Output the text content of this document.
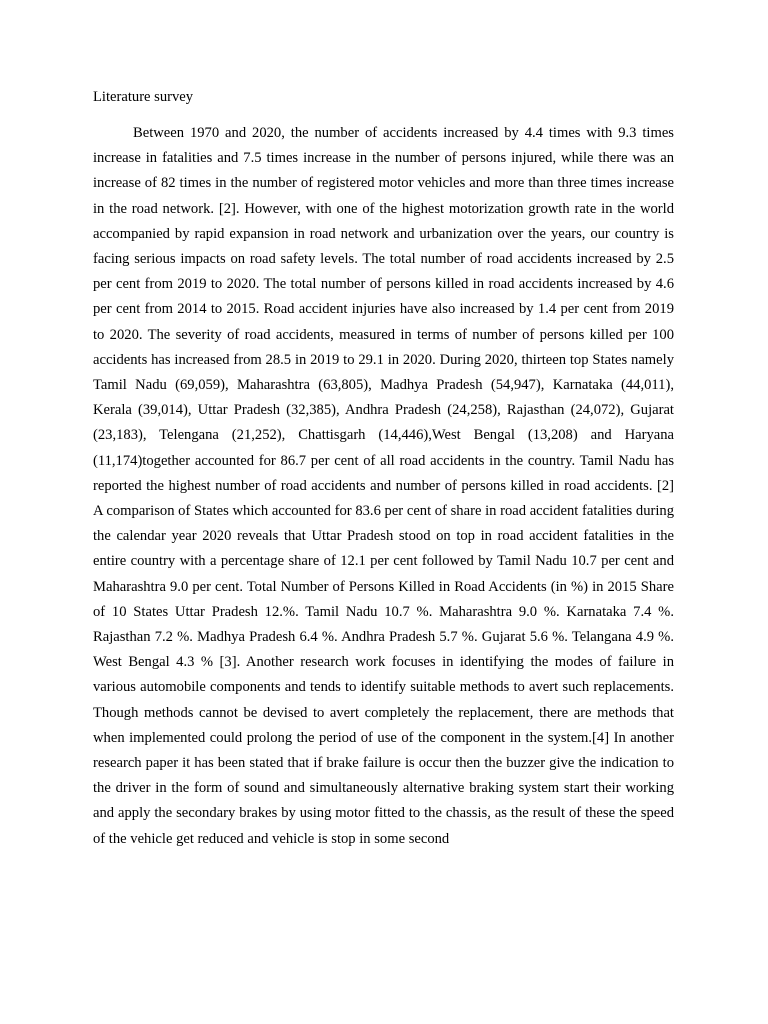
Literature survey

Between 1970 and 2020, the number of accidents increased by 4.4 times with 9.3 times increase in fatalities and 7.5 times increase in the number of persons injured, while there was an increase of 82 times in the number of registered motor vehicles and more than three times increase in the road network. [2]. However, with one of the highest motorization growth rate in the world accompanied by rapid expansion in road network and urbanization over the years, our country is facing serious impacts on road safety levels. The total number of road accidents increased by 2.5 per cent from 2019 to 2020. The total number of persons killed in road accidents increased by 4.6 per cent from 2014 to 2015. Road accident injuries have also increased by 1.4 per cent from 2019 to 2020. The severity of road accidents, measured in terms of number of persons killed per 100 accidents has increased from 28.5 in 2019 to 29.1 in 2020. During 2020, thirteen top States namely Tamil Nadu (69,059), Maharashtra (63,805), Madhya Pradesh (54,947), Karnataka (44,011), Kerala (39,014), Uttar Pradesh (32,385), Andhra Pradesh (24,258), Rajasthan (24,072), Gujarat (23,183), Telengana (21,252), Chattisgarh (14,446),West Bengal (13,208) and Haryana (11,174)together accounted for 86.7 per cent of all road accidents in the country. Tamil Nadu has reported the highest number of road accidents and number of persons killed in road accidents. [2] A comparison of States which accounted for 83.6 per cent of share in road accident fatalities during the calendar year 2020 reveals that Uttar Pradesh stood on top in road accident fatalities in the entire country with a percentage share of 12.1 per cent followed by Tamil Nadu 10.7 per cent and Maharashtra 9.0 per cent. Total Number of Persons Killed in Road Accidents (in %) in 2015 Share of 10 States Uttar Pradesh 12.%. Tamil Nadu 10.7 %. Maharashtra 9.0 %. Karnataka 7.4 %. Rajasthan 7.2 %. Madhya Pradesh 6.4 %. Andhra Pradesh 5.7 %. Gujarat 5.6 %. Telangana 4.9 %. West Bengal 4.3 % [3]. Another research work focuses in identifying the modes of failure in various automobile components and tends to identify suitable methods to avert such replacements. Though methods cannot be devised to avert completely the replacement, there are methods that when implemented could prolong the period of use of the component in the system.[4] In another research paper it has been stated that if brake failure is occur then the buzzer give the indication to the driver in the form of sound and simultaneously alternative braking system start their working and apply the secondary brakes by using motor fitted to the chassis, as the result of these the speed of the vehicle get reduced and vehicle is stop in some second
